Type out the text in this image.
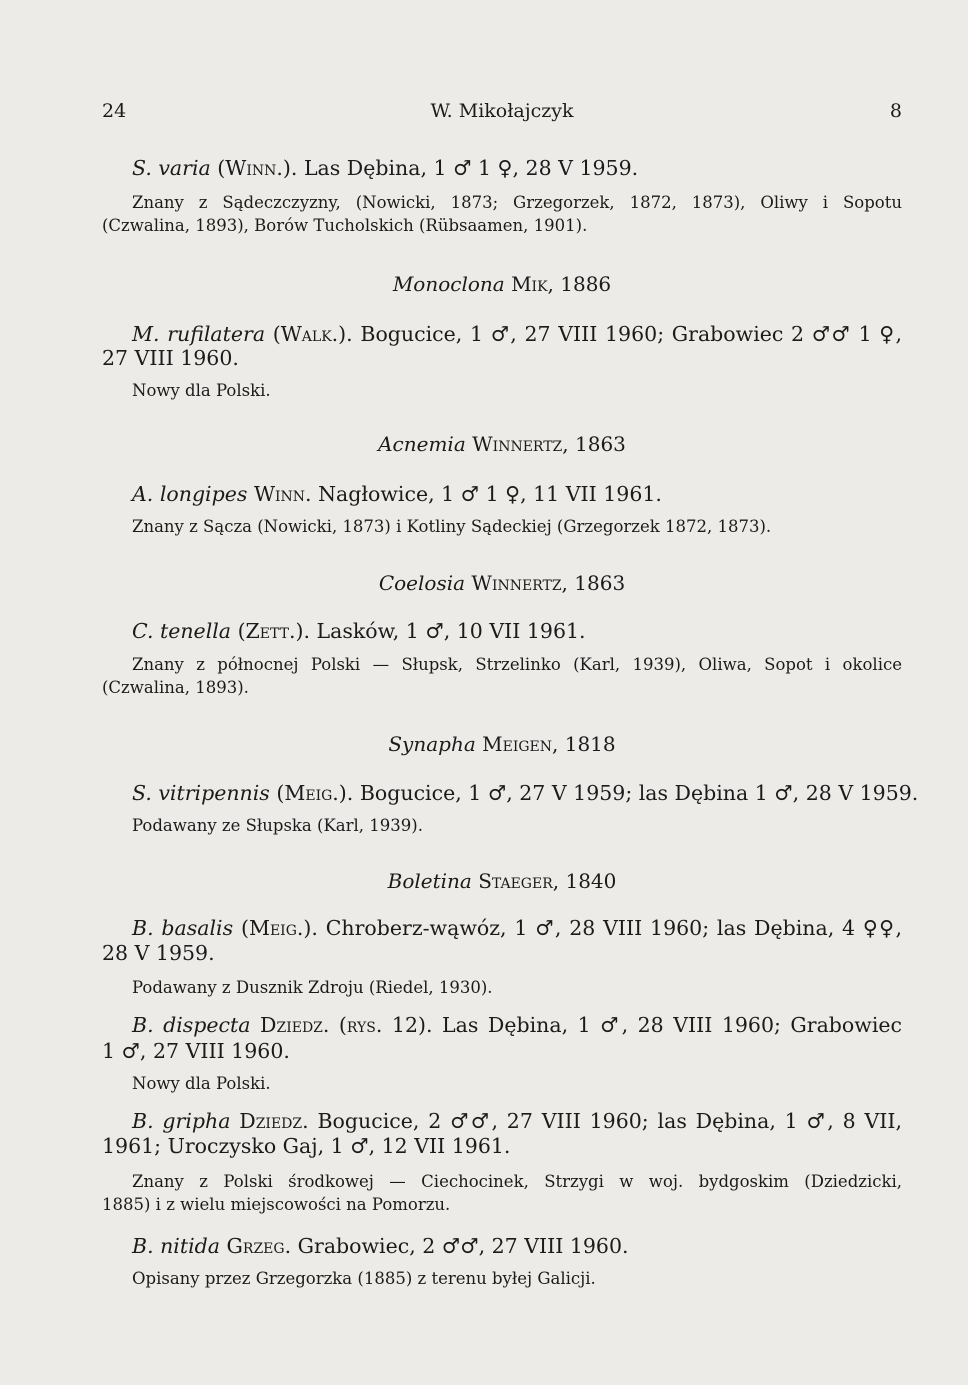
24	W. Mikołajczyk	8
S. varia (Winn.). Las Dębina, 1 ♂ 1 ♀, 28 V 1959.
Znany z Sądeczczyzny, (Nowicki, 1873; Grzegorzek, 1872, 1873), Oliwy i Sopotu
(Czwalina, 1893), Borów Tucholskich (Rübsaamen, 1901).
Monoclona Mik, 1886
M. rufilatera (Walk.). Bogucice, 1 ♂, 27 VIII 1960; Grabowiec 2 ♂♂ 1 ♀,
27 VIII 1960.
Nowy dla Polski.
Acnemia Winnertz, 1863
A. longipes Winn. Nagłowice, 1 ♂ 1 ♀, 11 VII 1961.
Znany z Sącza (Nowicki, 1873) i Kotliny Sądeckiej (Grzegorzek 1872, 1873).
Coelosia Winnertz, 1863
C. tenella (Zett.). Lasków, 1 ♂, 10 VII 1961.
Znany z północnej Polski — Słupsk, Strzelinko (Karl, 1939), Oliwa, Sopot i okolice
(Czwalina, 1893).
Synapha Meigen, 1818
S. vitripennis (Meig.). Bogucice, 1 ♂, 27 V 1959; las Dębina 1 ♂, 28 V 1959.
Podawany ze Słupska (Karl, 1939).
Boletina Staeger, 1840
B. basalis (Meig.). Chroberz-wąwóz, 1 ♂, 28 VIII 1960; las Dębina, 4 ♀♀,
28 V 1959.
Podawany z Dusznik Zdroju (Riedel, 1930).
B. dispecta Dziedz. (rys. 12). Las Dębina, 1 ♂, 28 VIII 1960; Grabowiec
1 ♂, 27 VIII 1960.
Nowy dla Polski.
B. gripha Dziedz. Bogucice, 2 ♂♂, 27 VIII 1960; las Dębina, 1 ♂, 8 VII,
1961; Uroczysko Gaj, 1 ♂, 12 VII 1961.
Znany z Polski środkowej — Ciechocinek, Strzygi w woj. bydgoskim (Dziedzicki,
1885) i z wielu miejscowości na Pomorzu.
B. nitida Grzeg. Grabowiec, 2 ♂♂, 27 VIII 1960.
Opisany przez Grzegorzka (1885) z terenu byłej Galicji.
